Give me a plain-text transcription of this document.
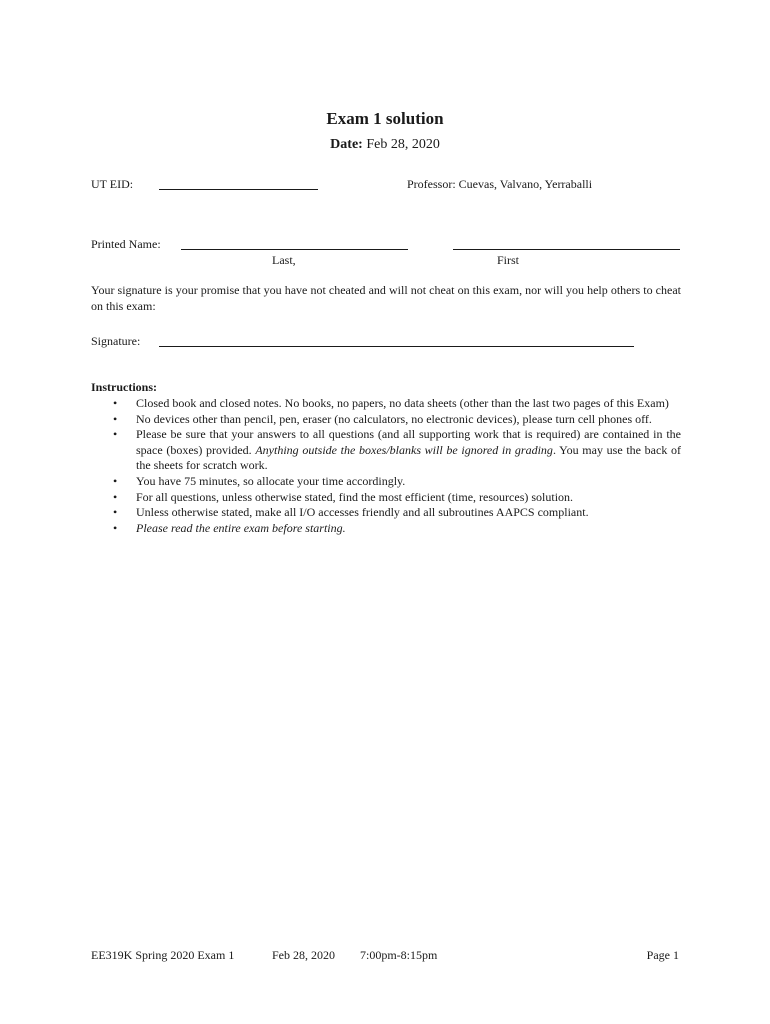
Exam 1 solution
Date: Feb 28, 2020
UT EID:	Professor: Cuevas, Valvano, Yerraballi
Printed Name:
Last,	First
Your signature is your promise that you have not cheated and will not cheat on this exam, nor will you help others to cheat on this exam:
Signature:
Instructions:
• Closed book and closed notes. No books, no papers, no data sheets (other than the last two pages of this Exam)
• No devices other than pencil, pen, eraser (no calculators, no electronic devices), please turn cell phones off.
• Please be sure that your answers to all questions (and all supporting work that is required) are contained in the space (boxes) provided. Anything outside the boxes/blanks will be ignored in grading. You may use the back of the sheets for scratch work.
• You have 75 minutes, so allocate your time accordingly.
• For all questions, unless otherwise stated, find the most efficient (time, resources) solution.
• Unless otherwise stated, make all I/O accesses friendly and all subroutines AAPCS compliant.
• Please read the entire exam before starting.
EE319K Spring 2020 Exam 1	Feb 28, 2020 7:00pm-8:15pm	Page 1
